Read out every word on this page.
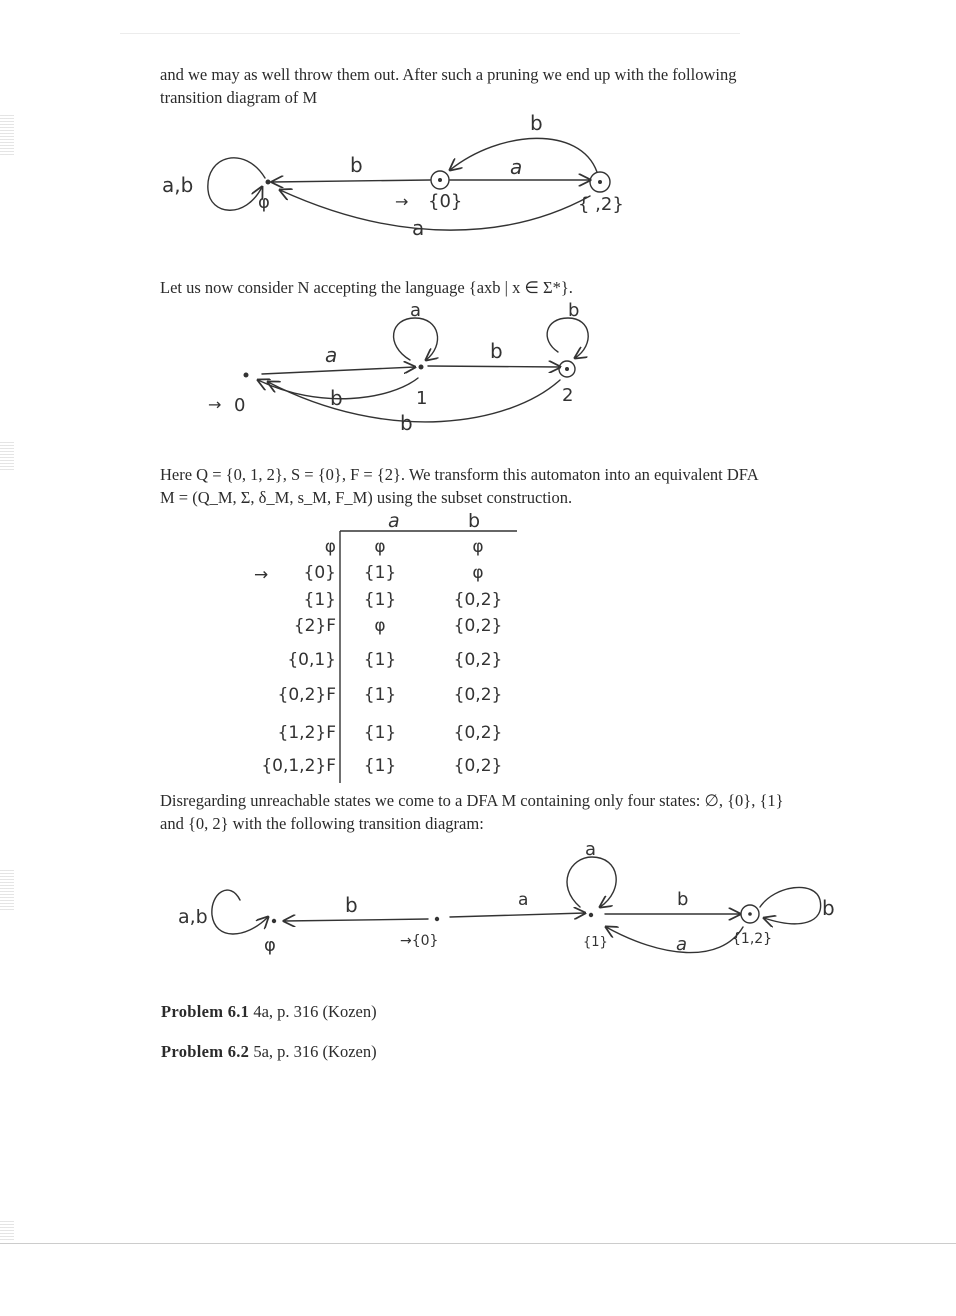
and we may as well throw them out. After such a pruning we end up with the following
transition diagram of M
a,b
φ
b
→ {0}
a
{ ,2}
b
a
Let us now consider N accepting the language {axb | x ∈ Σ*}.
→ 0
a
1
a
b
2
b
b
b
Here Q = {0, 1, 2}, S = {0}, F = {2}. We transform this automaton into an equivalent DFA
M = (Q_M, Σ, δ_M, s_M, F_M) using the subset construction.
a	b
→
φ φ	φ
{0} {1}	φ
{1} {1}	{0,2}
{2}F φ	{0,2}
{0,1} {1}	{0,2}
{0,2}F {1}	{0,2}
{1,2}F {1}	{0,2}
{0,1,2}F {1}	{0,2}
Disregarding unreachable states we come to a DFA M containing only four states: ∅, {0}, {1}
and {0, 2} with the following transition diagram:
a,b
φ
b
→{0}
a
{1}
a
b
{1,2}
b
a
Problem 6.1 4a, p. 316 (Kozen)
Problem 6.2 5a, p. 316 (Kozen)
